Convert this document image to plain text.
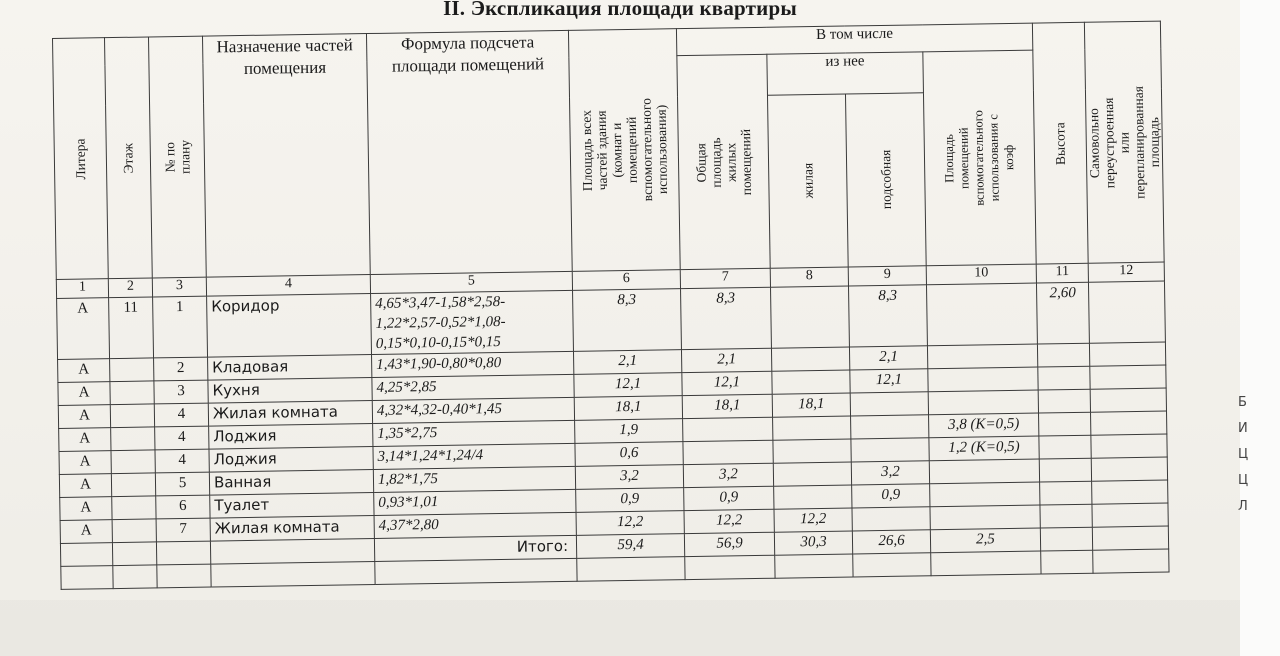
II. Экспликация площади квартиры
Литера	Этаж	№ по плану	Назначение частей помещения	Формула подсчета площади помещений	Площадь всех частей здания (комнат и помещений вспомогательного использования)	В том числе				Высота	Самовольно переустроенная или перепланированная площадь

						Общая площадь жилых помещений	из нее		Площадь помещений вспомогательного использования с коэф		

							жилая	подсобная			

1	2	3	4	5	6	7	8	9	10	11	12
А	11	1	Коридор	4,65*3,47-1,58*2,58-1,22*2,57-0,52*1,08-0,15*0,10-0,15*0,15	8,3	8,3		8,3		2,60	
А		2	Кладовая	1,43*1,90-0,80*0,80	2,1	2,1		2,1			
А		3	Кухня	4,25*2,85	12,1	12,1		12,1			
А		4	Жилая комната	4,32*4,32-0,40*1,45	18,1	18,1	18,1				
А		4	Лоджия	1,35*2,75	1,9				3,8 (K=0,5)		
А		4	Лоджия	3,14*1,24*1,24/4	0,6				1,2 (K=0,5)		
А		5	Ванная	1,82*1,75	3,2	3,2		3,2			
А		6	Туалет	0,93*1,01	0,9	0,9		0,9			
А		7	Жилая комната	4,37*2,80	12,2	12,2	12,2				
				Итого:	59,4	56,9	30,3	26,6	2,5		

Б
И
Ц
Ц
Л
